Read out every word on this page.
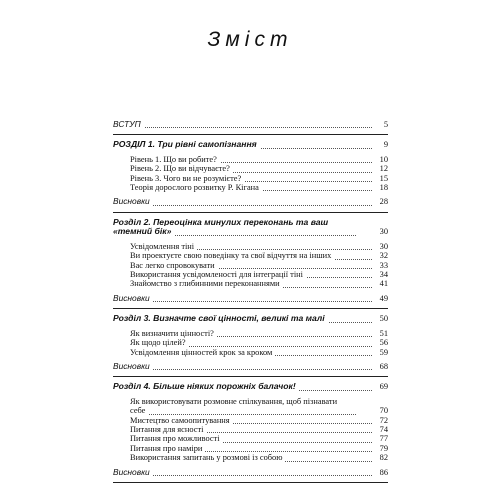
Зміст
ВСТУП	5
РОЗДІЛ 1. Три рівні самопізнання	9
Рівень 1. Що ви робите?	10
Рівень 2. Що ви відчуваєте?	12
Рівень 3. Чого ви не розумієте?	15
Теорія дорослого розвитку Р. Кігана	18
Висновки	28
Розділ 2. Переоцінка минулих переконань та ваш
«темний бік»	30
Усвідомлення тіні	30
Ви проектуєте свою поведінку та свої відчуття на інших	32
Вас легко спровокувати	33
Використання усвідомленості для інтеграції тіні	34
Знайомство з глибинними переконаннями	41
Висновки	49
Розділ 3. Визначте свої цінності, великі та малі	50
Як визначити цінності?	51
Як щодо цілей?	56
Усвідомлення цінностей крок за кроком	59
Висновки	68
Розділ 4. Більше ніяких порожніх балачок!	69
Як використовувати розмовне спілкування, щоб пізнавати
себе	70
Мистецтво самоопитування	72
Питання для ясності	74
Питання про можливості	77
Питання про наміри	79
Використання запитань у розмові із собою	82
Висновки	86
